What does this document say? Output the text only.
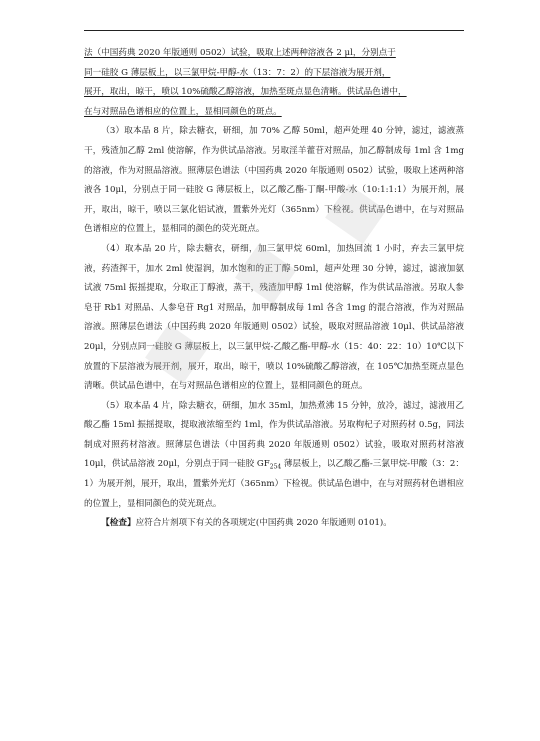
法（中国药典 2020 年版通则 0502）试验，吸取上述两种溶液各 2 μl，分别点于
同一硅胶 G 薄层板上，以三氯甲烷-甲醇-水（13：7：2）的下层溶液为展开剂，
展开，取出，晾干，喷以 10%硫酸乙醇溶液，加热至斑点显色清晰。供试品色谱中，
在与对照品色谱相应的位置上，显相同颜色的斑点。

（3）取本品 8 片，除去糖衣，研细，加 70% 乙醇 50ml，超声处理 40 分钟，滤过，滤液蒸干，残渣加乙醇 2ml 使溶解，作为供试品溶液。另取淫羊藿苷对照品，加乙醇制成每 1ml 含 1mg 的溶液，作为对照品溶液。照薄层色谱法（中国药典 2020 年版通则 0502）试验，吸取上述两种溶液各 10μl，分别点于同一硅胶 G 薄层板上，以乙酸乙酯-丁酮-甲酸-水（10:1:1:1）为展开剂，展开，取出，晾干，喷以三氯化铝试液，置紫外光灯（365nm）下检视。供试品色谱中，在与对照品色谱相应的位置上，显相同的颜色的荧光斑点。

（4）取本品 20 片，除去糖衣，研细，加三氯甲烷 60ml，加热回流 1 小时，弃去三氯甲烷液，药渣挥干，加水 2ml 使湿润，加水饱和的正丁醇 50ml，超声处理 30 分钟，滤过，滤液加氨试液 75ml 振摇提取，分取正丁醇液，蒸干，残渣加甲醇 1ml 使溶解，作为供试品溶液。另取人参皂苷 Rb1 对照品、人参皂苷 Rg1 对照品，加甲醇制成每 1ml 各含 1mg 的混合溶液，作为对照品溶液。照薄层色谱法（中国药典 2020 年版通则 0502）试验，吸取对照品溶液 10μl、供试品溶液 20μl，分别点同一硅胶 G 薄层板上，以三氯甲烷-乙酸乙酯-甲醇-水（15：40：22：10）10℃以下放置的下层溶液为展开剂，展开，取出，晾干，喷以 10%硫酸乙醇溶液，在 105℃加热至斑点显色清晰。供试品色谱中，在与对照品色谱相应的位置上，显相同颜色的斑点。

（5）取本品 4 片，除去糖衣，研细，加水 35ml，加热煮沸 15 分钟，放冷，滤过，滤液用乙酸乙酯 15ml 振摇提取，提取液浓缩至约 1ml，作为供试品溶液。另取枸杞子对照药材 0.5g，同法制成对照药材溶液。照薄层色谱法（中国药典 2020 年版通则 0502）试验，吸取对照药材溶液 10μl，供试品溶液 20μl，分别点于同一硅胶 $GF_{254}$ 薄层板上，以乙酸乙酯-三氯甲烷-甲酸（3：2：1）为展开剂，展开，取出，置紫外光灯（365nm）下检视。供试品色谱中，在与对照药材色谱相应的位置上，显相同颜色的荧光斑点。

【检查】应符合片剂项下有关的各项规定(中国药典 2020 年版通则 0101)。

▆
▆
▆
